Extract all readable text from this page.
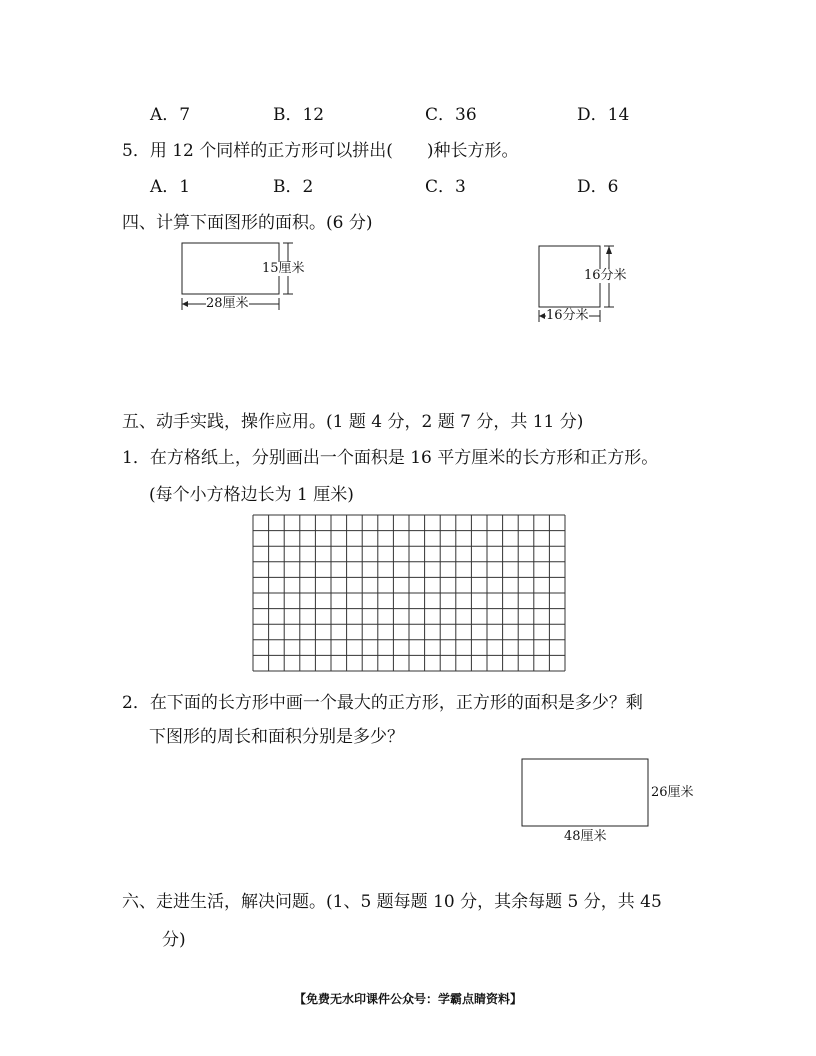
A．7	B．12	C．36	D．14
5．用 12 个同样的正方形可以拼出(　　)种长方形。
A．1	B．2	C．3	D．6
四、计算下面图形的面积。(6 分)
15厘米
28厘米
16分米
16分米
五、动手实践，操作应用。(1 题 4 分，2 题 7 分，共 11 分)
1．在方格纸上，分别画出一个面积是 16 平方厘米的长方形和正方形。
(每个小方格边长为 1 厘米)
2．在下面的长方形中画一个最大的正方形，正方形的面积是多少？剩
下图形的周长和面积分别是多少？
26厘米
48厘米
六、走进生活，解决问题。(1、5 题每题 10 分，其余每题 5 分，共 45
分)
【免费无水印课件公众号：学霸点睛资料】
